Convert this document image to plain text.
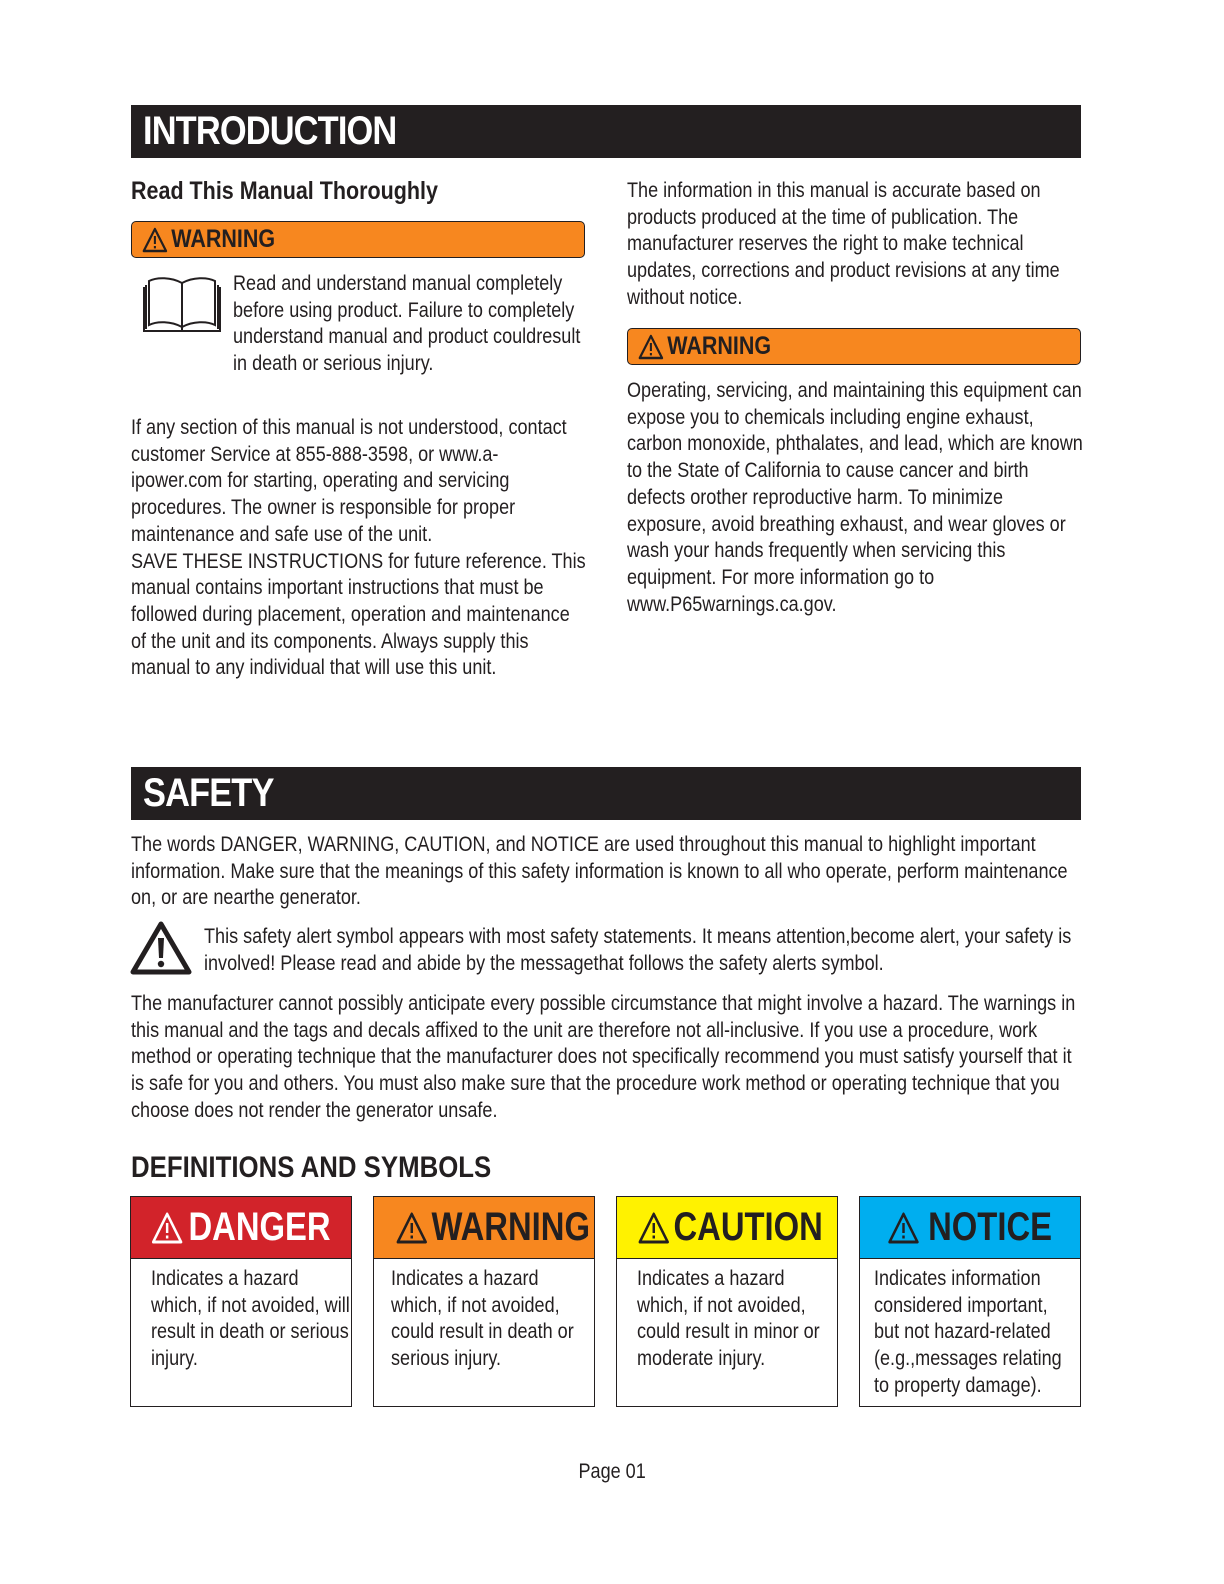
INTRODUCTION
Read This Manual Thoroughly
WARNING
Read and understand manual completely before using product. Failure to completely understand manual and product couldresult in death or serious injury.

If any section of this manual is not understood, contact customer Service at 855-888-3598, or www.a-ipower.com for starting, operating and servicing procedures. The owner is responsible for proper maintenance and safe use of the unit.

SAVE THESE INSTRUCTIONS for future reference. This manual contains important instructions that must be followed during placement, operation and maintenance of the unit and its components. Always supply this manual to any individual that will use this unit.

The information in this manual is accurate based on products produced at the time of publication. The manufacturer reserves the right to make technical updates, corrections and product revisions at any time without notice.
WARNING
Operating, servicing, and maintaining this equipment can expose you to chemicals including engine exhaust, carbon monoxide, phthalates, and lead, which are known to the State of California to cause cancer and birth defects orother reproductive harm. To minimize exposure, avoid breathing exhaust, and wear gloves or wash your hands frequently when servicing this equipment. For more information go to www.P65warnings.ca.gov.
SAFETY
The words DANGER, WARNING, CAUTION, and NOTICE are used throughout this manual to highlight important information. Make sure that the meanings of this safety information is known to all who operate, perform maintenance on, or are nearthe generator.
This safety alert symbol appears with most safety statements. It means attention,become alert, your safety is involved! Please read and abide by the messagethat follows the safety alerts symbol.
The manufacturer cannot possibly anticipate every possible circumstance that might involve a hazard. The warnings in this manual and the tags and decals affixed to the unit are therefore not all-inclusive. If you use a procedure, work method or operating technique that the manufacturer does not specifically recommend you must satisfy yourself that it is safe for you and others. You must also make sure that the procedure work method or operating technique that you choose does not render the generator unsafe.
DEFINITIONS AND SYMBOLS
DANGER
Indicates a hazard which, if not avoided, will result in death or serious injury.
WARNING
Indicates a hazard which, if not avoided, could result in death or serious injury.
CAUTION
Indicates a hazard which, if not avoided, could result in minor or moderate injury.
NOTICE
Indicates information considered important, but not hazard-related (e.g.,messages relating to property damage).
Page 01
